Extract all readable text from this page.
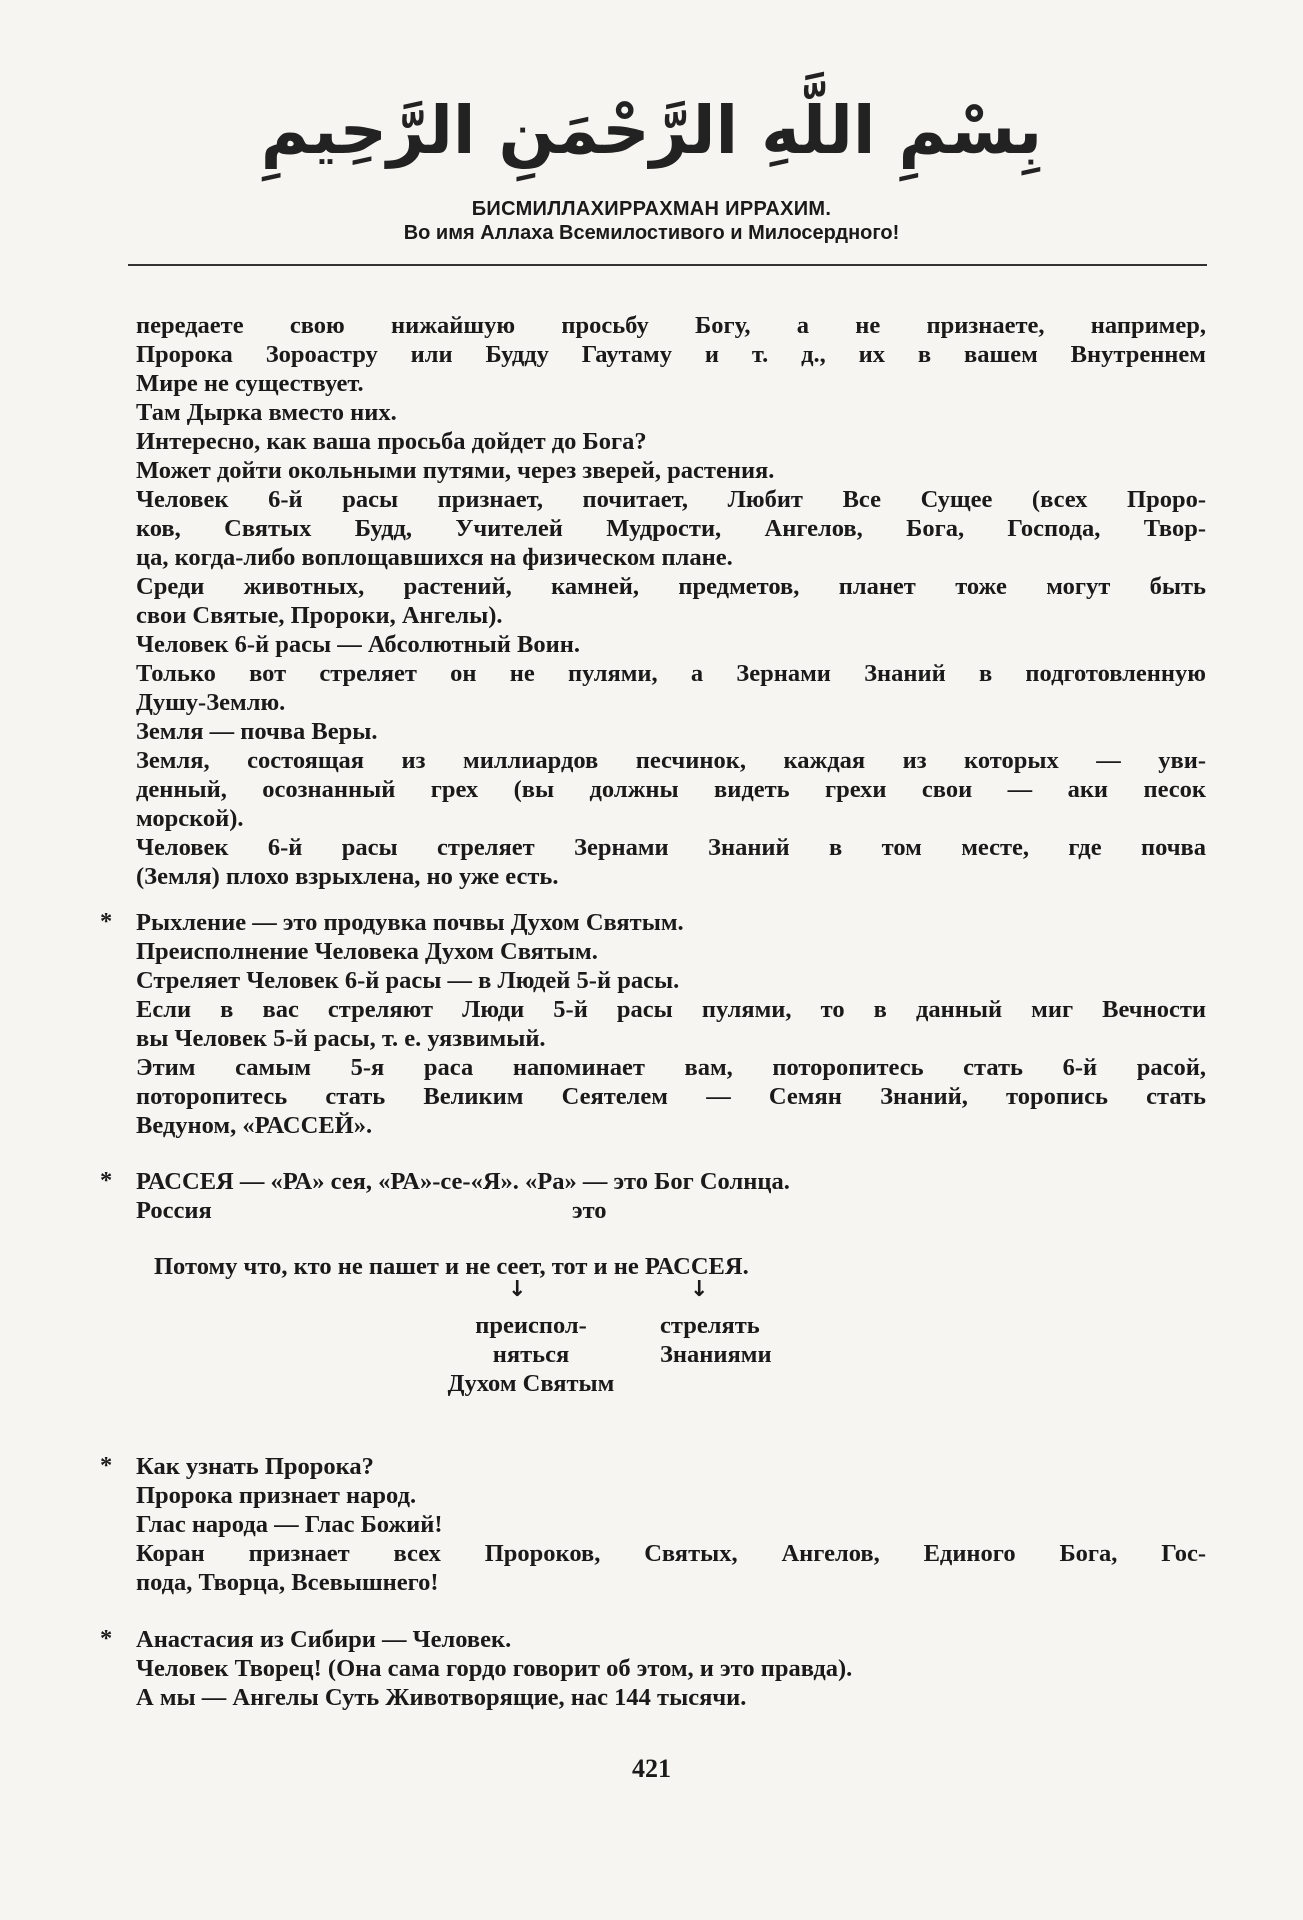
بِسْمِ اللَّهِ الرَّحْمَنِ الرَّحِيمِ
БИСМИЛЛАХИРРАХМАН ИРРАХИМ.
Во имя Аллаха Всемилостивого и Милосердного!
передаете свою нижайшую просьбу Богу, а не признаете, например,
Пророка Зороастру или Будду Гаутаму и т. д., их в вашем Внутреннем
Мире не существует.
Там Дырка вместо них.
Интересно, как ваша просьба дойдет до Бога?
Может дойти окольными путями, через зверей, растения.
Человек 6-й расы признает, почитает, Любит Все Сущее (всех Проро-
ков, Святых Будд, Учителей Мудрости, Ангелов, Бога, Господа, Твор-
ца, когда-либо воплощавшихся на физическом плане.
Среди животных, растений, камней, предметов, планет тоже могут быть
свои Святые, Пророки, Ангелы).
Человек 6-й расы — Абсолютный Воин.
Только вот стреляет он не пулями, а Зернами Знаний в подготовленную
Душу-Землю.
Земля — почва Веры.
Земля, состоящая из миллиардов песчинок, каждая из которых — уви-
денный, осознанный грех (вы должны видеть грехи свои — аки песок
морской).
Человек 6-й расы стреляет Зернами Знаний в том месте, где почва
(Земля) плохо взрыхлена, но уже есть.
* Рыхление — это продувка почвы Духом Святым.
Преисполнение Человека Духом Святым.
Стреляет Человек 6-й расы — в Людей 5-й расы.
Если в вас стреляют Люди 5-й расы пулями, то в данный миг Вечности
вы Человек 5-й расы, т. е. уязвимый.
Этим самым 5-я раса напоминает вам, поторопитесь стать 6-й расой,
поторопитесь стать Великим Сеятелем — Семян Знаний, торопись стать
Ведуном, «РАССЕЙ».
* РАССЕЯ — «РА» сея, «РА»-се-«Я». «Ра» — это Бог Солнца.
Россия	это
Потому что, кто не пашет и не сеет, тот и не РАССЕЯ.
↓	↓
преиспол-
няться
Духом Святым
стрелять
Знаниями
* Как узнать Пророка?
Пророка признает народ.
Глас народа — Глас Божий!
Коран признает всех Пророков, Святых, Ангелов, Единого Бога, Гос-
пода, Творца, Всевышнего!
* Анастасия из Сибири — Человек.
Человек Творец! (Она сама гордо говорит об этом, и это правда).
А мы — Ангелы Суть Животворящие, нас 144 тысячи.
421
